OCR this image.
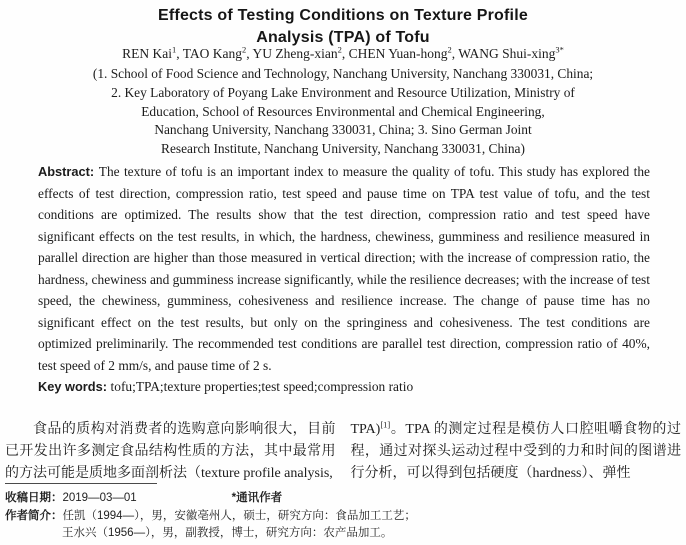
Effects of Testing Conditions on Texture Profile
Analysis (TPA) of Tofu
REN Kai$^1$, TAO Kang$^2$, YU Zheng-xian$^2$, CHEN Yuan-hong$^2$, WANG Shui-xing$^{3*}$
(1. School of Food Science and Technology, Nanchang University, Nanchang 330031, China;
2. Key Laboratory of Poyang Lake Environment and Resource Utilization, Ministry of
Education, School of Resources Environmental and Chemical Engineering,
Nanchang University, Nanchang 330031, China; 3. Sino German Joint
Research Institute, Nanchang University, Nanchang 330031, China)

Abstract: The texture of tofu is an important index to measure the quality of tofu. This study has explored the effects of test direction, compression ratio, test speed and pause time on TPA test value of tofu, and the test conditions are optimized. The results show that the test direction, compression ratio and test speed have significant effects on the test results, in which, the hardness, chewiness, gumminess and resilience measured in parallel direction are higher than those measured in vertical direction; with the increase of compression ratio, the hardness, chewiness and gumminess increase significantly, while the resilience decreases; with the increase of test speed, the chewiness, gumminess, cohesiveness and resilience increase. The change of pause time has no significant effect on the test results, but only on the springiness and cohesiveness. The test conditions are optimized preliminarily. The recommended test conditions are parallel test direction, compression ratio of 40%, test speed of 2 mm/s, and pause time of 2 s.

Key words: tofu;TPA;texture properties;test speed;compression ratio

食品的质构对消费者的选购意向影响很大，目前已开发出许多测定食品结构性质的方法，其中最常用的方法可能是质地多面剖析法（texture profile analysis,

TPA)[1]。TPA 的测定过程是模仿人口腔咀嚼食物的过程，通过对探头运动过程中受到的力和时间的图谱进行分析，可以得到包括硬度（hardness）、弹性

收稿日期：2019—03—01	*通讯作者
作者简介：任凯（1994—），男，安徽亳州人，硕士，研究方向：食品加工工艺；
王水兴（1956—），男，副教授，博士，研究方向：农产品加工。
